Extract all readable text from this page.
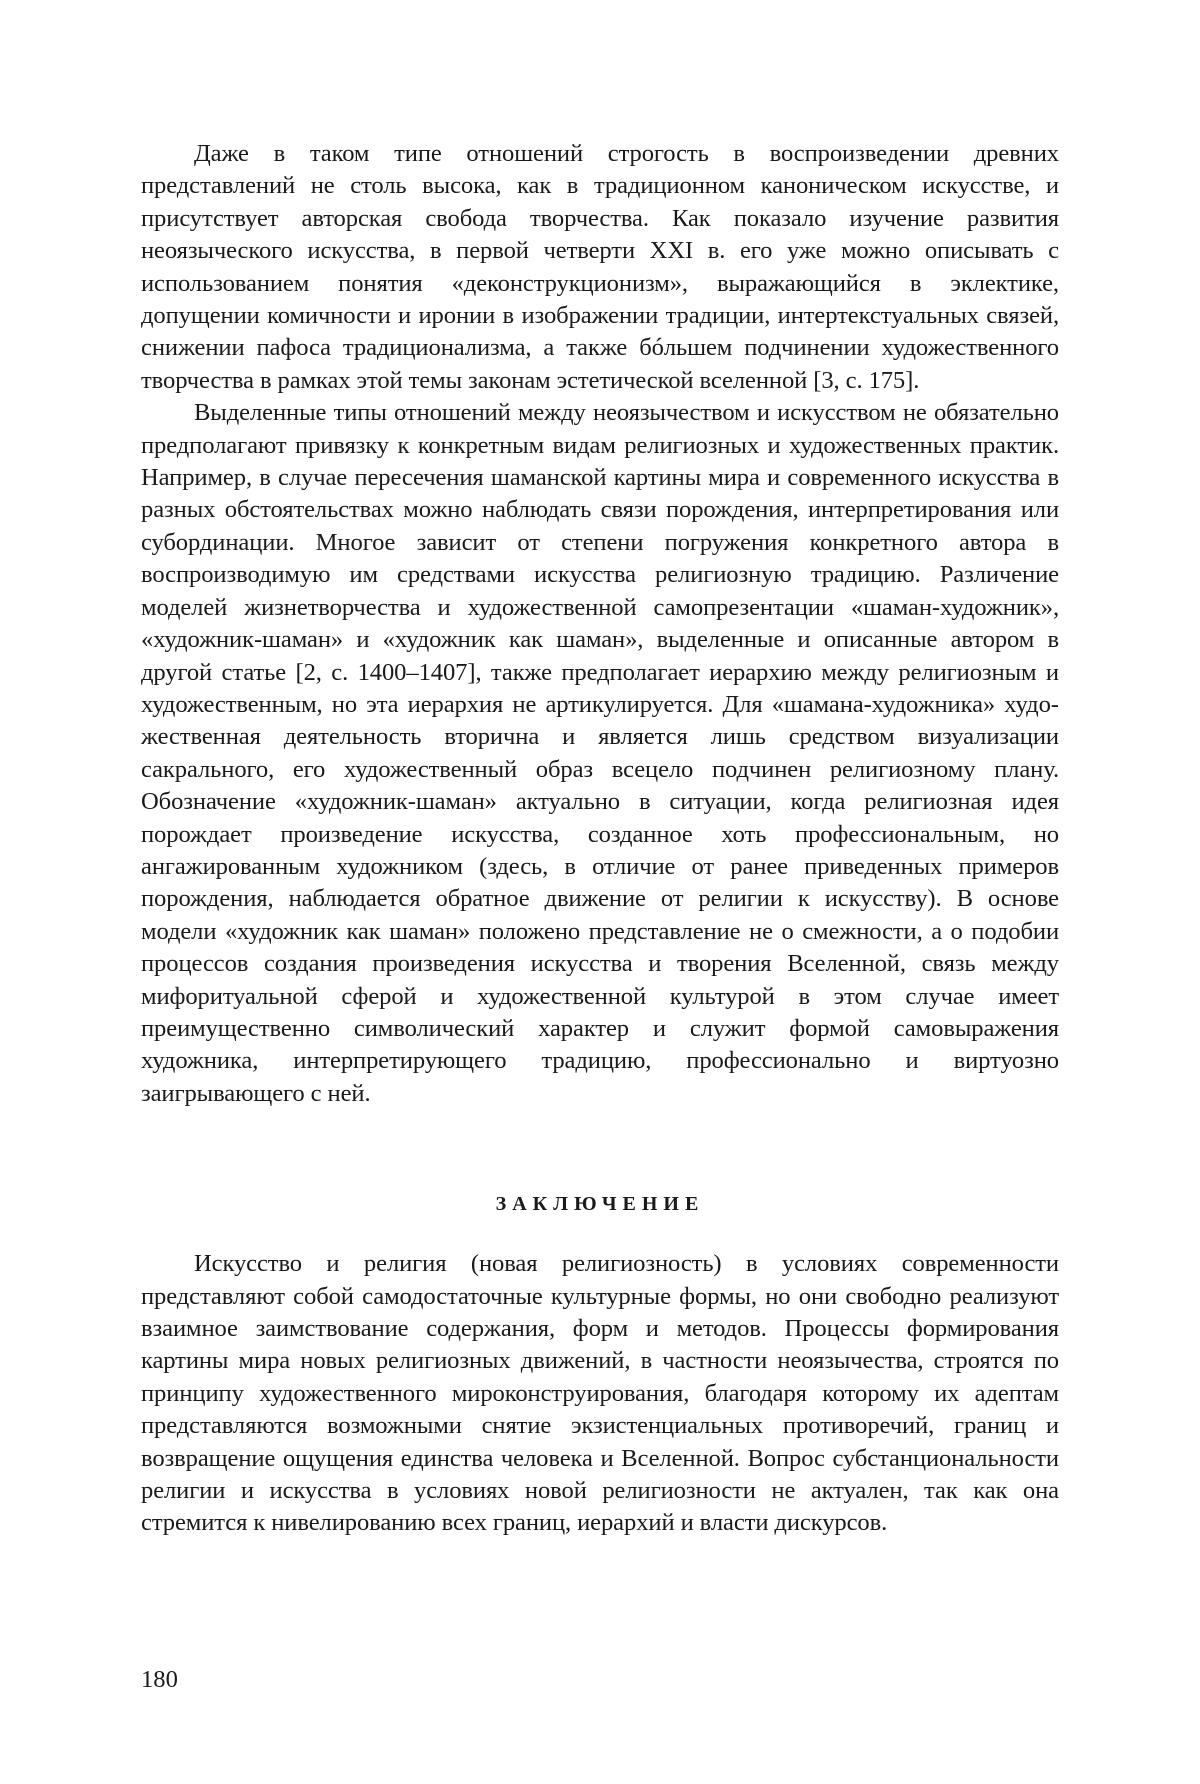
Даже в таком типе отношений строгость в воспроизведении древних представлений не столь высока, как в традиционном каноническом искусстве, и присутствует авторская свобода творчества. Как показало изучение развития неоязыческого искусства, в первой четверти XXI в. его уже можно описывать с использованием понятия «деконструкционизм», выражающийся в эклектике, допущении комичности и иронии в изображении традиции, интертекстуаль­ных связей, снижении пафоса традиционализма, а также бóльшем подчине­нии художественного творчества в рамках этой темы законам эстетической вселенной [3, с. 175].

Выделенные типы отношений между неоязычеством и искусством не обя­зательно предполагают привязку к конкретным видам религиозных и худо­жественных практик. Например, в случае пересечения шаманской картины мира и современного искусства в разных обстоятельствах можно наблюдать связи порождения, интерпретирования или субординации. Многое зависит от степени погружения конкретного автора в воспроизводимую им средства­ми искусства религиозную традицию. Различение моделей жизнетворчества и художественной самопрезентации «шаман-художник», «художник-шаман» и «художник как шаман», выделенные и описанные автором в другой статье [2, с. 1400–1407], также предполагает иерархию между религиозным и художе­ственным, но эта иерархия не артикулируется. Для «шамана-художника» худо­жественная деятельность вторична и является лишь средством визуализации сакрального, его художественный образ всецело подчинен религиозному плану. Обозначение «художник-шаман» актуально в ситуации, когда религиозная идея порождает произведение искусства, созданное хоть профессиональным, но ангажированным художником (здесь, в отличие от ранее приведенных при­меров порождения, наблюдается обратное движение от религии к искусству). В основе модели «художник как шаман» положено представление не о смеж­ности, а о подобии процессов создания произведения искусства и творения Вселенной, связь между мифоритуальной сферой и художественной культурой в этом случае имеет преимущественно символический характер и служит формой самовыражения художника, интерпретирующего традицию, про­фессионально и виртуозно заигрывающего с ней.

ЗАКЛЮЧЕНИЕ

Искусство и религия (новая религиозность) в условиях современности представляют собой самодостаточные культурные формы, но они свободно реализуют взаимное заимствование содержания, форм и методов. Процессы формирования картины мира новых религиозных движений, в частности не­оязычества, строятся по принципу художественного мироконструирования, благодаря которому их адептам представляются возможными снятие экзистен­циальных противоречий, границ и возвращение ощущения единства человека и Вселенной. Вопрос субстанциональности религии и искусства в условиях новой религиозности не актуален, так как она стремится к нивелированию всех границ, иерархий и власти дискурсов.

180
